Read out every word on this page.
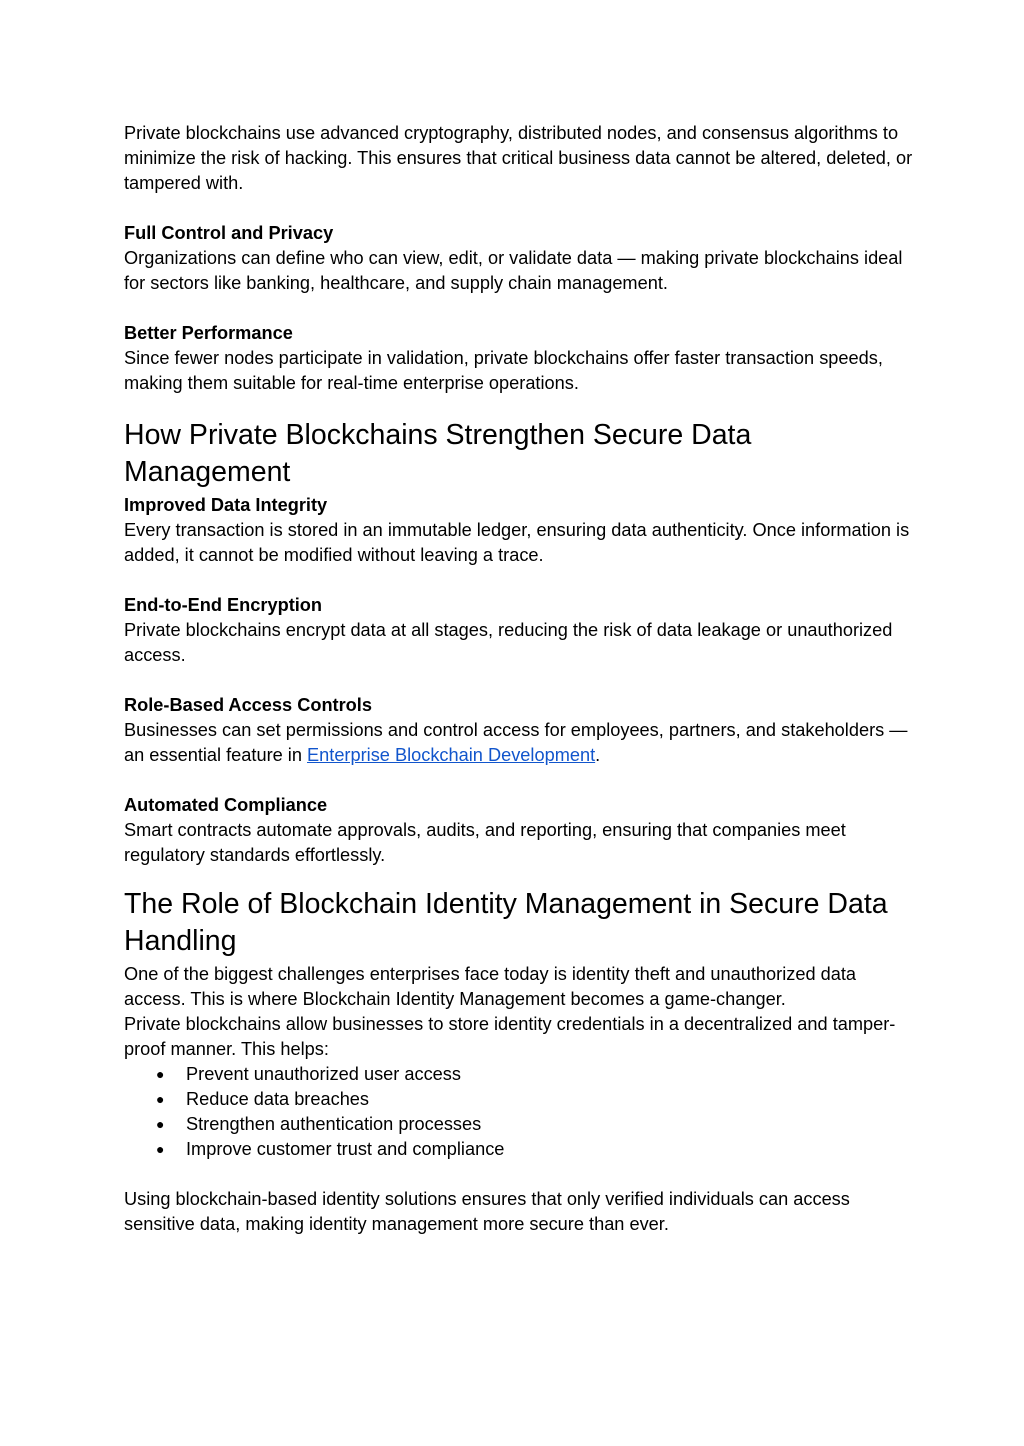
Private blockchains use advanced cryptography, distributed nodes, and consensus algorithms to minimize the risk of hacking. This ensures that critical business data cannot be altered, deleted, or tampered with.

Full Control and Privacy

Organizations can define who can view, edit, or validate data — making private blockchains ideal for sectors like banking, healthcare, and supply chain management.

Better Performance

Since fewer nodes participate in validation, private blockchains offer faster transaction speeds, making them suitable for real-time enterprise operations.

How Private Blockchains Strengthen Secure Data Management

Improved Data Integrity

Every transaction is stored in an immutable ledger, ensuring data authenticity. Once information is added, it cannot be modified without leaving a trace.

End-to-End Encryption

Private blockchains encrypt data at all stages, reducing the risk of data leakage or unauthorized access.

Role-Based Access Controls

Businesses can set permissions and control access for employees, partners, and stakeholders — an essential feature in Enterprise Blockchain Development.

Automated Compliance

Smart contracts automate approvals, audits, and reporting, ensuring that companies meet regulatory standards effortlessly.

The Role of Blockchain Identity Management in Secure Data Handling

One of the biggest challenges enterprises face today is identity theft and unauthorized data access. This is where Blockchain Identity Management becomes a game-changer.

Private blockchains allow businesses to store identity credentials in a decentralized and tamper-proof manner. This helps:

● Prevent unauthorized user access
● Reduce data breaches
● Strengthen authentication processes
● Improve customer trust and compliance

Using blockchain-based identity solutions ensures that only verified individuals can access sensitive data, making identity management more secure than ever.
